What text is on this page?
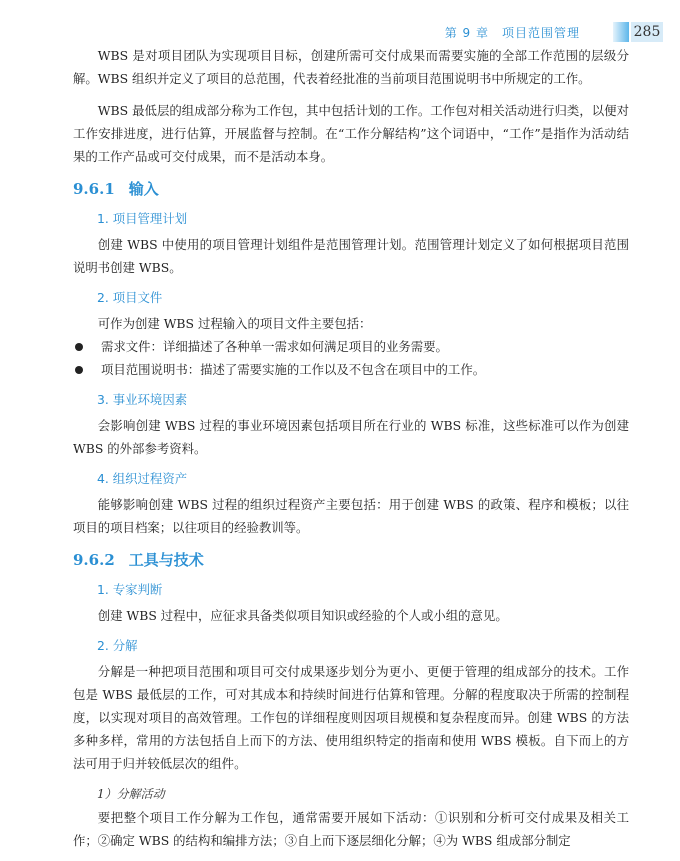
第 9 章　项目范围管理	285

WBS 是对项目团队为实现项目目标，创建所需可交付成果而需要实施的全部工作范围的层级分解。WBS 组织并定义了项目的总范围，代表着经批准的当前项目范围说明书中所规定的工作。

WBS 最低层的组成部分称为工作包，其中包括计划的工作。工作包对相关活动进行归类，以便对工作安排进度，进行估算，开展监督与控制。在“工作分解结构”这个词语中，“工作”是指作为活动结果的工作产品或可交付成果，而不是活动本身。

9.6.1 输入
1. 项目管理计划

创建 WBS 中使用的项目管理计划组件是范围管理计划。范围管理计划定义了如何根据项目范围说明书创建 WBS。

2. 项目文件

可作为创建 WBS 过程输入的项目文件主要包括：

需求文件：详细描述了各种单一需求如何满足项目的业务需要。
项目范围说明书：描述了需要实施的工作以及不包含在项目中的工作。
3. 事业环境因素

会影响创建 WBS 过程的事业环境因素包括项目所在行业的 WBS 标准，这些标准可以作为创建 WBS 的外部参考资料。

4. 组织过程资产

能够影响创建 WBS 过程的组织过程资产主要包括：用于创建 WBS 的政策、程序和模板；以往项目的项目档案；以往项目的经验教训等。

9.6.2 工具与技术
1. 专家判断

创建 WBS 过程中，应征求具备类似项目知识或经验的个人或小组的意见。

2. 分解

分解是一种把项目范围和项目可交付成果逐步划分为更小、更便于管理的组成部分的技术。工作包是 WBS 最低层的工作，可对其成本和持续时间进行估算和管理。分解的程度取决于所需的控制程度，以实现对项目的高效管理。工作包的详细程度则因项目规模和复杂程度而异。创建 WBS 的方法多种多样，常用的方法包括自上而下的方法、使用组织特定的指南和使用 WBS 模板。自下而上的方法可用于归并较低层次的组件。

1）分解活动

要把整个项目工作分解为工作包，通常需要开展如下活动：①识别和分析可交付成果及相关工作；②确定 WBS 的结构和编排方法；③自上而下逐层细化分解；④为 WBS 组成部分制定
